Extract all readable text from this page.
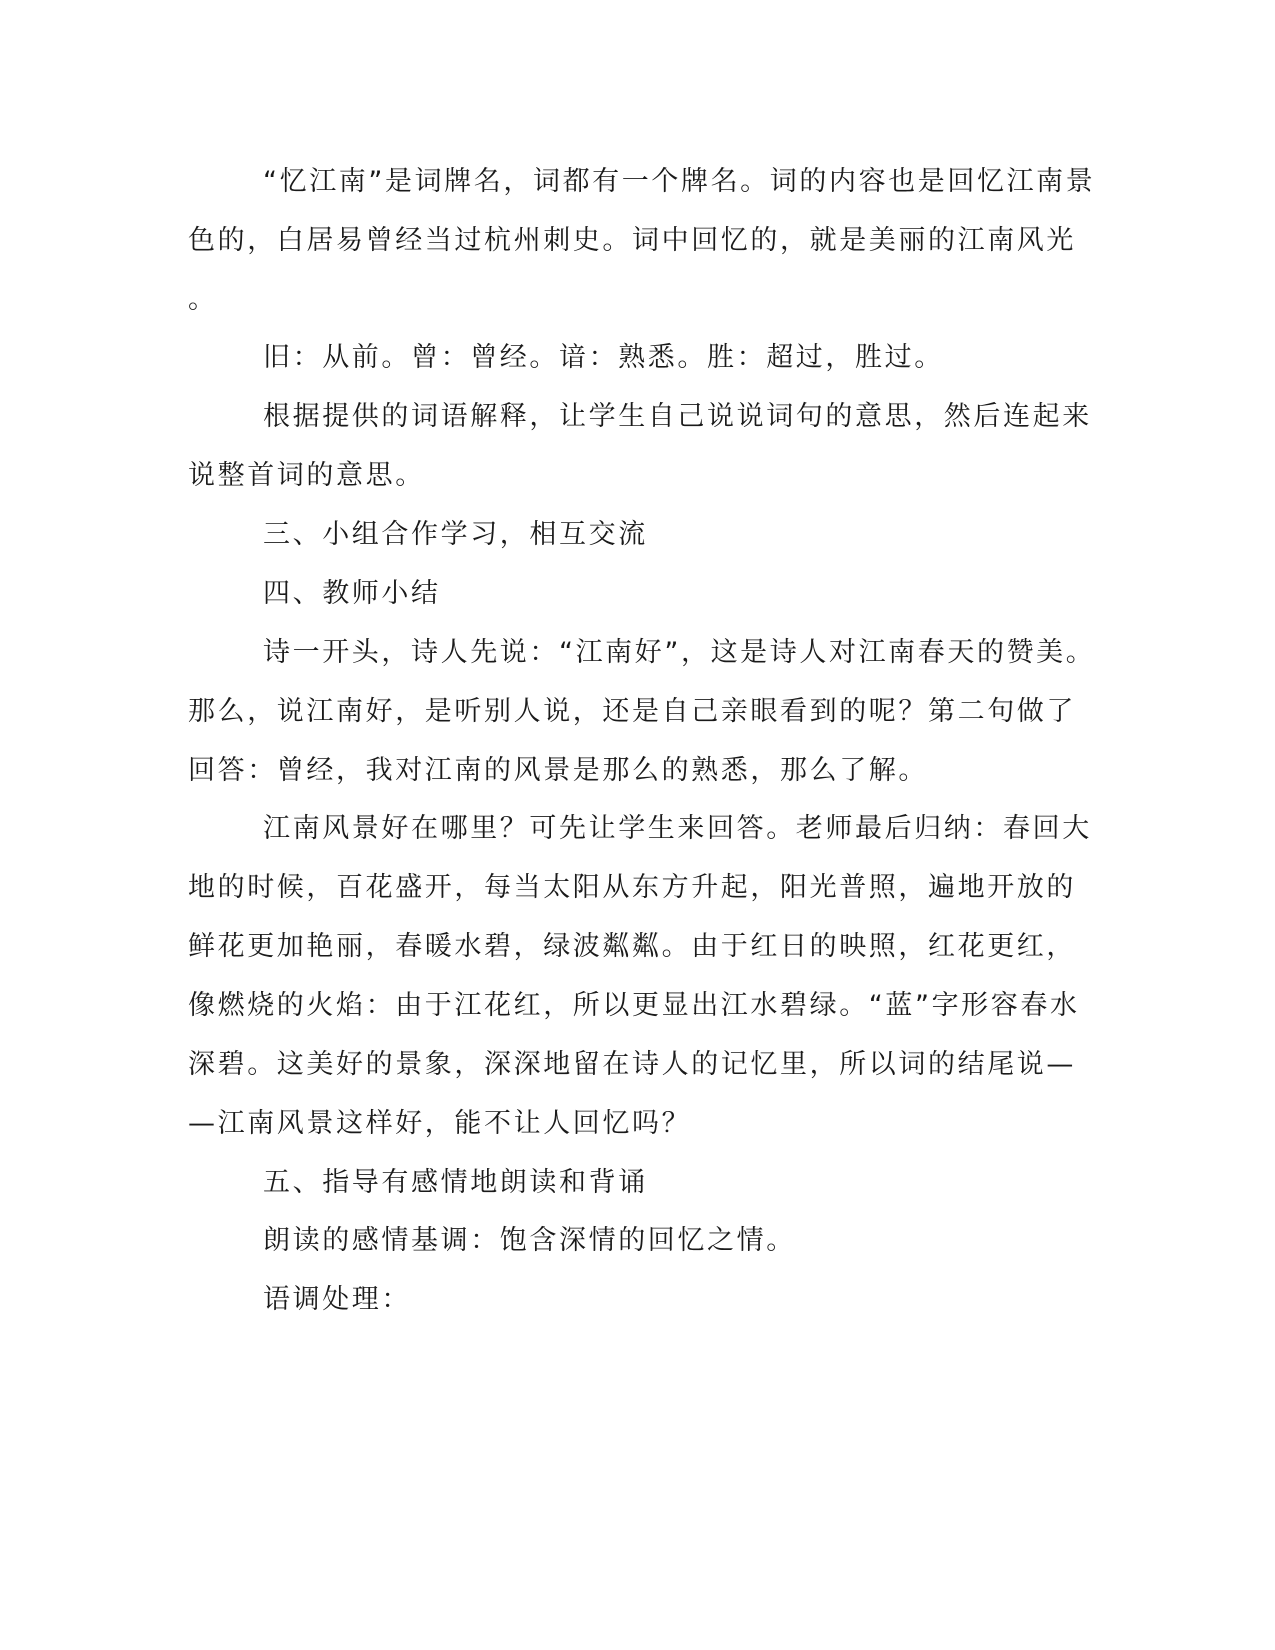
“忆江南”是词牌名，词都有一个牌名。词的内容也是回忆江南景
色的，白居易曾经当过杭州刺史。词中回忆的，就是美丽的江南风光
。
旧：从前。曾：曾经。谙：熟悉。胜：超过，胜过。
根据提供的词语解释，让学生自己说说词句的意思，然后连起来
说整首词的意思。
三、小组合作学习，相互交流
四、教师小结
诗一开头，诗人先说：“江南好”，这是诗人对江南春天的赞美。
那么，说江南好，是听别人说，还是自己亲眼看到的呢？第二句做了
回答：曾经，我对江南的风景是那么的熟悉，那么了解。
江南风景好在哪里？可先让学生来回答。老师最后归纳：春回大
地的时候，百花盛开，每当太阳从东方升起，阳光普照，遍地开放的
鲜花更加艳丽，春暖水碧，绿波粼粼。由于红日的映照，红花更红，
像燃烧的火焰：由于江花红，所以更显出江水碧绿。“蓝”字形容春水
深碧。这美好的景象，深深地留在诗人的记忆里，所以词的结尾说—
—江南风景这样好，能不让人回忆吗？
五、指导有感情地朗读和背诵
朗读的感情基调：饱含深情的回忆之情。
语调处理：
